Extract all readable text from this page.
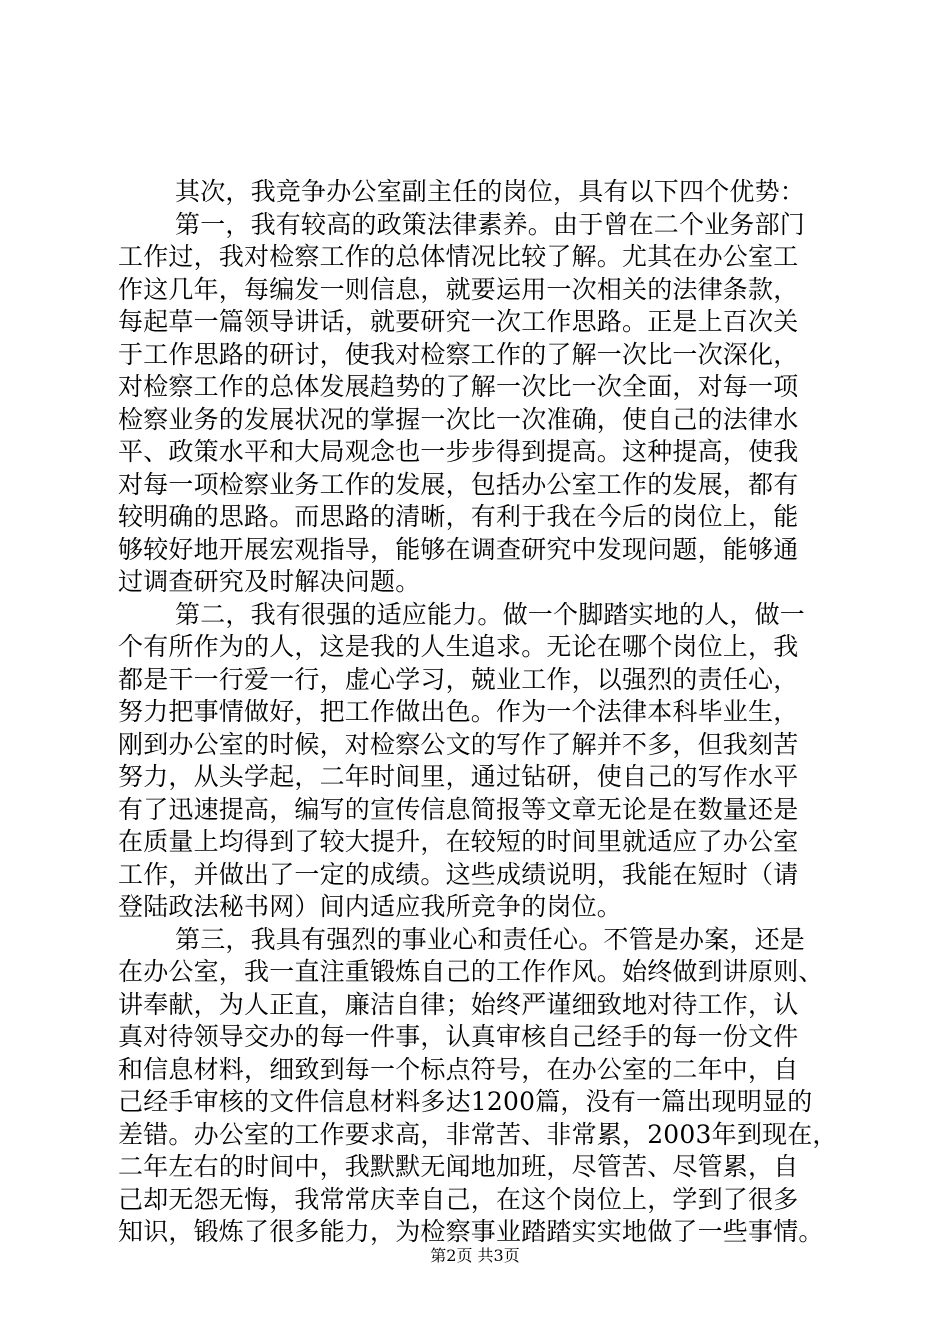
其次，我竞争办公室副主任的岗位，具有以下四个优势：
第一，我有较高的政策法律素养。由于曾在二个业务部门
工作过，我对检察工作的总体情况比较了解。尤其在办公室工
作这几年，每编发一则信息，就要运用一次相关的法律条款，
每起草一篇领导讲话，就要研究一次工作思路。正是上百次关
于工作思路的研讨，使我对检察工作的了解一次比一次深化，
对检察工作的总体发展趋势的了解一次比一次全面，对每一项
检察业务的发展状况的掌握一次比一次准确，使自己的法律水
平、政策水平和大局观念也一步步得到提高。这种提高，使我
对每一项检察业务工作的发展，包括办公室工作的发展，都有
较明确的思路。而思路的清晰，有利于我在今后的岗位上，能
够较好地开展宏观指导，能够在调查研究中发现问题，能够通
过调查研究及时解决问题。
第二，我有很强的适应能力。做一个脚踏实地的人，做一
个有所作为的人，这是我的人生追求。无论在哪个岗位上，我
都是干一行爱一行，虚心学习，兢业工作，以强烈的责任心，
努力把事情做好，把工作做出色。作为一个法律本科毕业生，
刚到办公室的时候，对检察公文的写作了解并不多，但我刻苦
努力，从头学起，二年时间里，通过钻研，使自己的写作水平
有了迅速提高，编写的宣传信息简报等文章无论是在数量还是
在质量上均得到了较大提升，在较短的时间里就适应了办公室
工作，并做出了一定的成绩。这些成绩说明，我能在短时（请
登陆政法秘书网）间内适应我所竞争的岗位。
第三，我具有强烈的事业心和责任心。不管是办案，还是
在办公室，我一直注重锻炼自己的工作作风。始终做到讲原则、
讲奉献，为人正直，廉洁自律；始终严谨细致地对待工作，认
真对待领导交办的每一件事，认真审核自己经手的每一份文件
和信息材料，细致到每一个标点符号，在办公室的二年中，自
己经手审核的文件信息材料多达1200篇，没有一篇出现明显的
差错。办公室的工作要求高，非常苦、非常累，2003年到现在，
二年左右的时间中，我默默无闻地加班，尽管苦、尽管累，自
己却无怨无悔，我常常庆幸自己，在这个岗位上，学到了很多
知识，锻炼了很多能力，为检察事业踏踏实实地做了一些事情。
第2页 共3页
